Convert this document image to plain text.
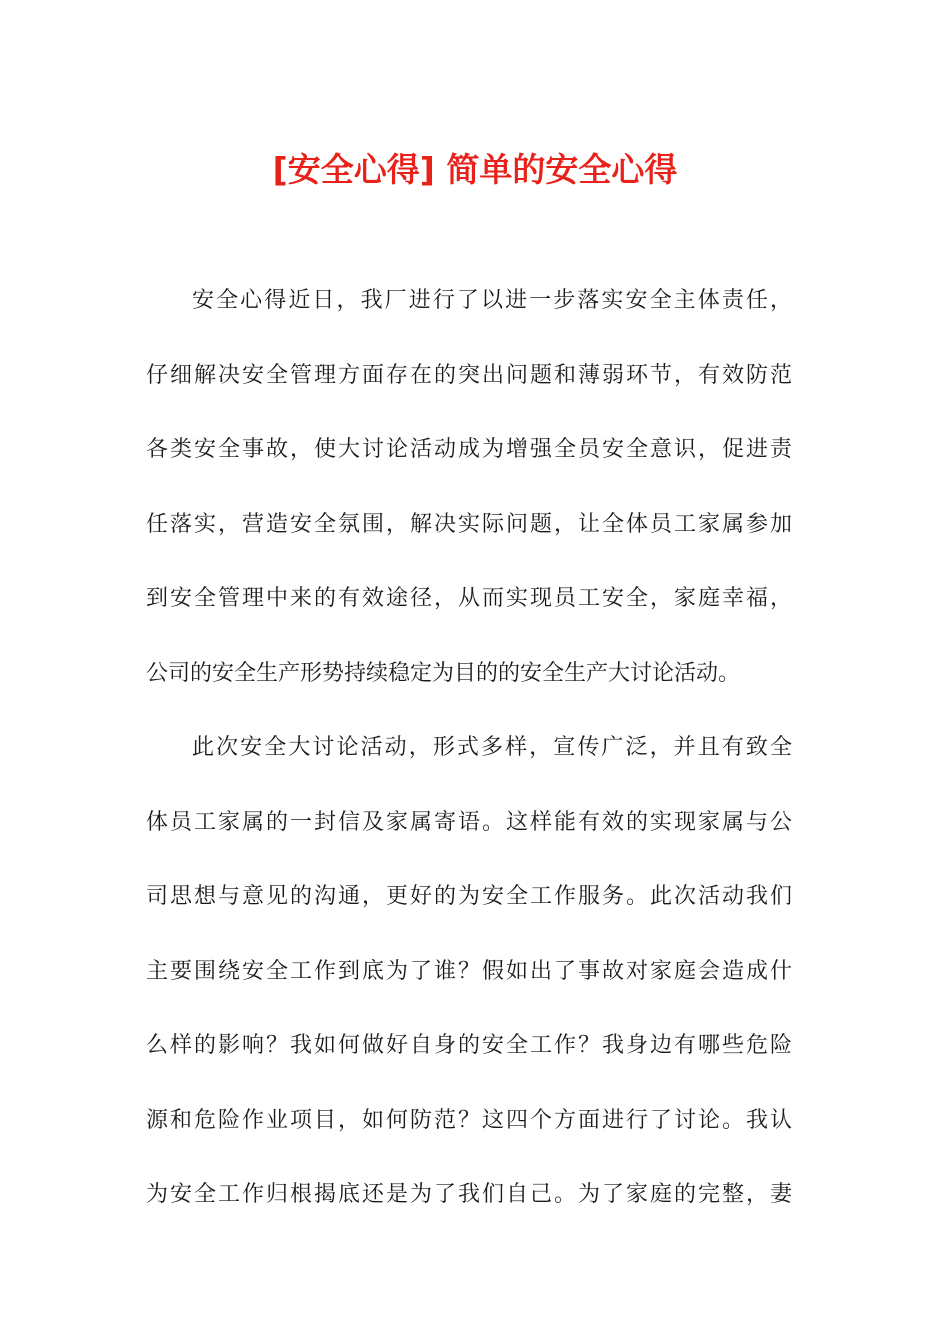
[安全心得] 简单的安全心得
安全心得近日，我厂进行了以进一步落实安全主体责任，
仔细解决安全管理方面存在的突出问题和薄弱环节，有效防范
各类安全事故，使大讨论活动成为增强全员安全意识，促进责
任落实，营造安全氛围，解决实际问题，让全体员工家属参加
到安全管理中来的有效途径，从而实现员工安全，家庭幸福，
公司的安全生产形势持续稳定为目的的安全生产大讨论活动。
此次安全大讨论活动，形式多样，宣传广泛，并且有致全
体员工家属的一封信及家属寄语。这样能有效的实现家属与公
司思想与意见的沟通，更好的为安全工作服务。此次活动我们
主要围绕安全工作到底为了谁？假如出了事故对家庭会造成什
么样的影响？我如何做好自身的安全工作？我身边有哪些危险
源和危险作业项目，如何防范？这四个方面进行了讨论。我认
为安全工作归根揭底还是为了我们自己。为了家庭的完整，妻
